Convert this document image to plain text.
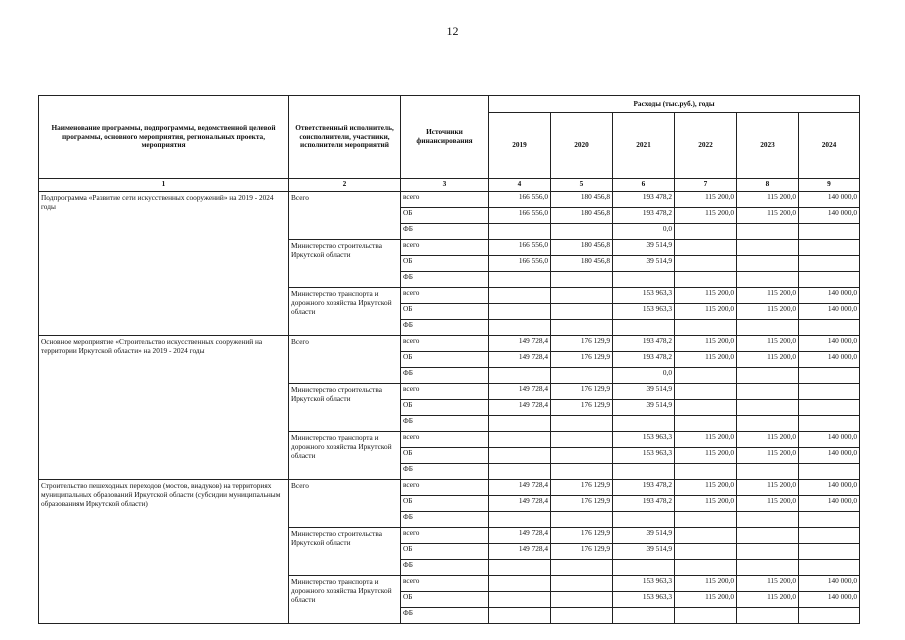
12
Наименование программы, подпрограммы, ведомственной целевой программы, основного мероприятия, региональных проекта, мероприятия	Ответственный исполнитель, соисполнители, участники, исполнители мероприятий	Источники финансирования	Расходы (тыс.руб.), годы					
			2019	2020	2021	2022	2023	2024
1	2	3	4	5	6	7	8	9
Подпрограмма «Развитие сети искусственных сооружений» на 2019 - 2024 годы	Всего	всего	166 556,0	180 456,8	193 478,2	115 200,0	115 200,0	140 000,0
		ОБ	166 556,0	180 456,8	193 478,2	115 200,0	115 200,0	140 000,0
		ФБ			0,0			
	Министерство строительства Иркутской области	всего	166 556,0	180 456,8	39 514,9			
		ОБ	166 556,0	180 456,8	39 514,9			
		ФБ						
	Министерство транспорта и дорожного хозяйства Иркутской области	всего			153 963,3	115 200,0	115 200,0	140 000,0
		ОБ			153 963,3	115 200,0	115 200,0	140 000,0
		ФБ						
Основное мероприятие «Строительство искусственных сооружений на территории Иркутской области» на 2019 - 2024 годы	Всего	всего	149 728,4	176 129,9	193 478,2	115 200,0	115 200,0	140 000,0
		ОБ	149 728,4	176 129,9	193 478,2	115 200,0	115 200,0	140 000,0
		ФБ			0,0			
	Министерство строительства Иркутской области	всего	149 728,4	176 129,9	39 514,9			
		ОБ	149 728,4	176 129,9	39 514,9			
		ФБ						
	Министерство транспорта и дорожного хозяйства Иркутской области	всего			153 963,3	115 200,0	115 200,0	140 000,0
		ОБ			153 963,3	115 200,0	115 200,0	140 000,0
		ФБ						
Строительство пешеходных переходов (мостов, виадуков) на территориях муниципальных образований Иркутской области (субсидии муниципальным образованиям Иркутской области)	Всего	всего	149 728,4	176 129,9	193 478,2	115 200,0	115 200,0	140 000,0
		ОБ	149 728,4	176 129,9	193 478,2	115 200,0	115 200,0	140 000,0
		ФБ						
	Министерство строительства Иркутской области	всего	149 728,4	176 129,9	39 514,9			
		ОБ	149 728,4	176 129,9	39 514,9			
		ФБ						
	Министерство транспорта и дорожного хозяйства Иркутской области	всего			153 963,3	115 200,0	115 200,0	140 000,0
		ОБ			153 963,3	115 200,0	115 200,0	140 000,0
		ФБ						
